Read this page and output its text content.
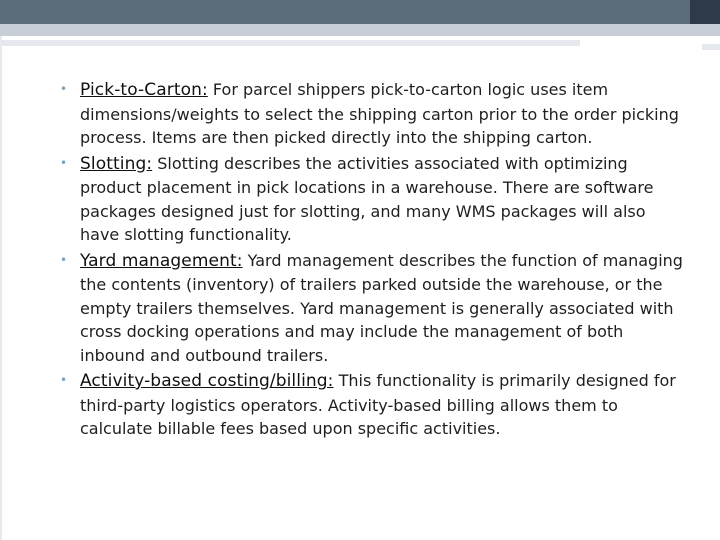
• Pick-to-Carton: For parcel shippers pick-to-carton logic uses item dimensions/weights to select the shipping carton prior to the order picking process. Items are then picked directly into the shipping carton.
• Slotting: Slotting describes the activities associated with optimizing product placement in pick locations in a warehouse. There are software packages designed just for slotting, and many WMS packages will also have slotting functionality.
• Yard management: Yard management describes the function of managing the contents (inventory) of trailers parked outside the warehouse, or the empty trailers themselves. Yard management is generally associated with cross docking operations and may include the management of both inbound and outbound trailers.
• Activity-based costing/billing: This functionality is primarily designed for third-party logistics operators. Activity-based billing allows them to calculate billable fees based upon specific activities.
